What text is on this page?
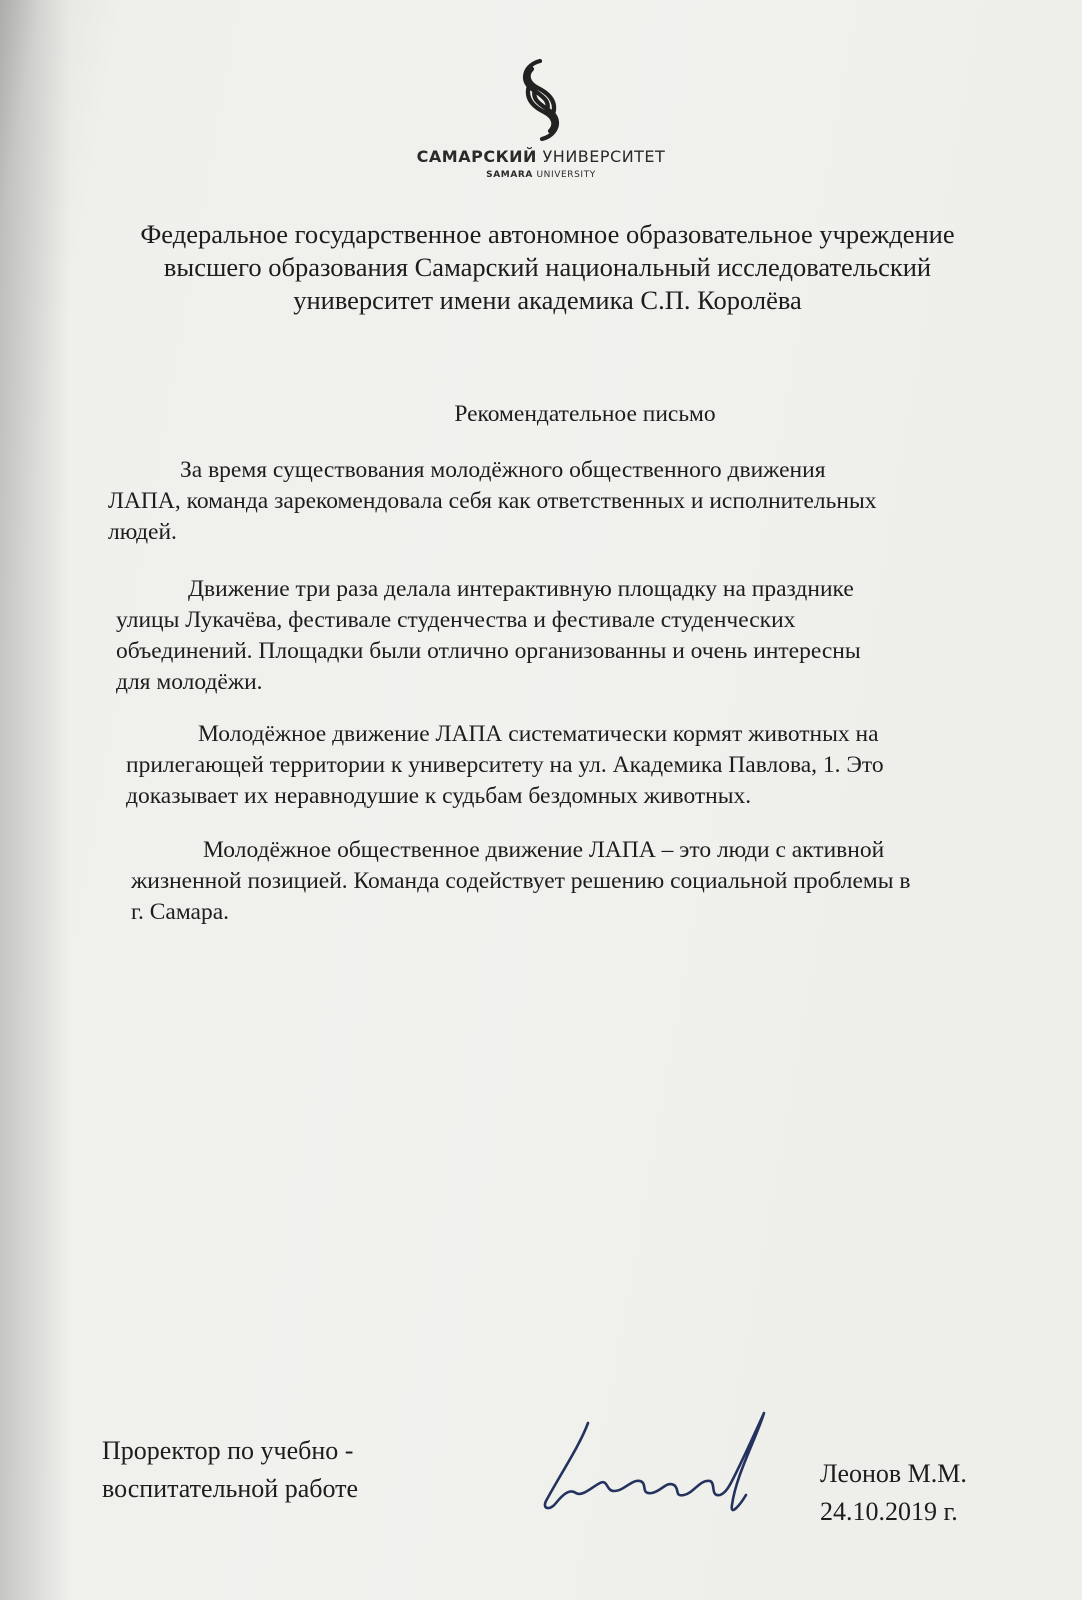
САМАРСКИЙ УНИВЕРСИТЕТ
SAMARA UNIVERSITY
Федеральное государственное автономное образовательное учреждение
высшего образования Самарский национальный исследовательский
университет имени академика С.П. Королёва
Рекомендательное письмо
За время существования молодёжного общественного движения
ЛАПА, команда зарекомендовала себя как ответственных и исполнительных
людей.
Движение три раза делала интерактивную площадку на празднике
улицы Лукачёва, фестивале студенчества и фестивале студенческих
объединений. Площадки были отлично организованны и очень интересны
для молодёжи.
Молодёжное движение ЛАПА систематически кормят животных на
прилегающей территории к университету на ул. Академика Павлова, 1. Это
доказывает их неравнодушие к судьбам бездомных животных.
Молодёжное общественное движение ЛАПА – это люди с активной
жизненной позицией. Команда содействует решению социальной проблемы в
г. Самара.
Проректор по учебно -
воспитательной работе
Леонов М.М.
24.10.2019 г.
